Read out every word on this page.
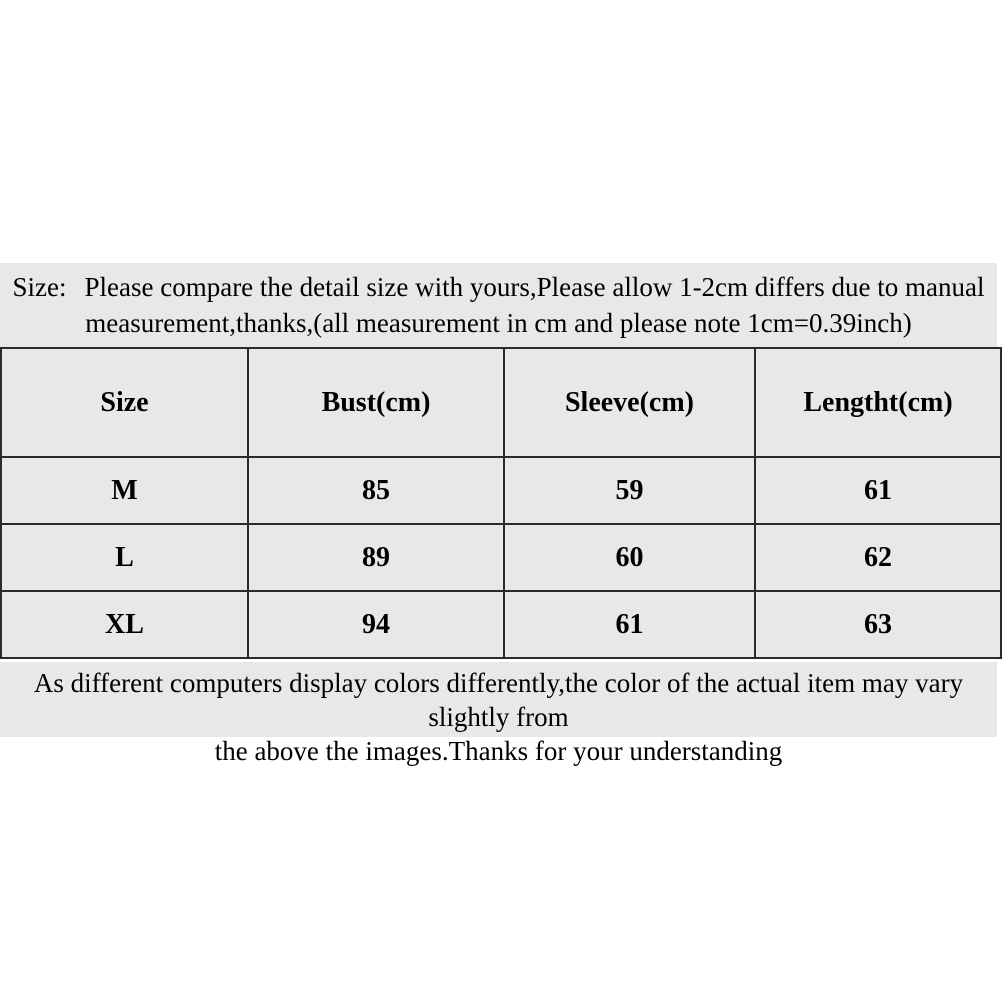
Size: Please compare the detail size with yours,Please allow 1-2cm differs due to manual
measurement,thanks,(all measurement in cm and please note 1cm=0.39inch)
Size	Bust(cm)	Sleeve(cm)	Lengtht(cm)
M	85	59	61
L	89	60	62
XL	94	61	63
As different computers display colors differently,the color of the actual item may vary slightly from
the above the images.Thanks for your understanding
